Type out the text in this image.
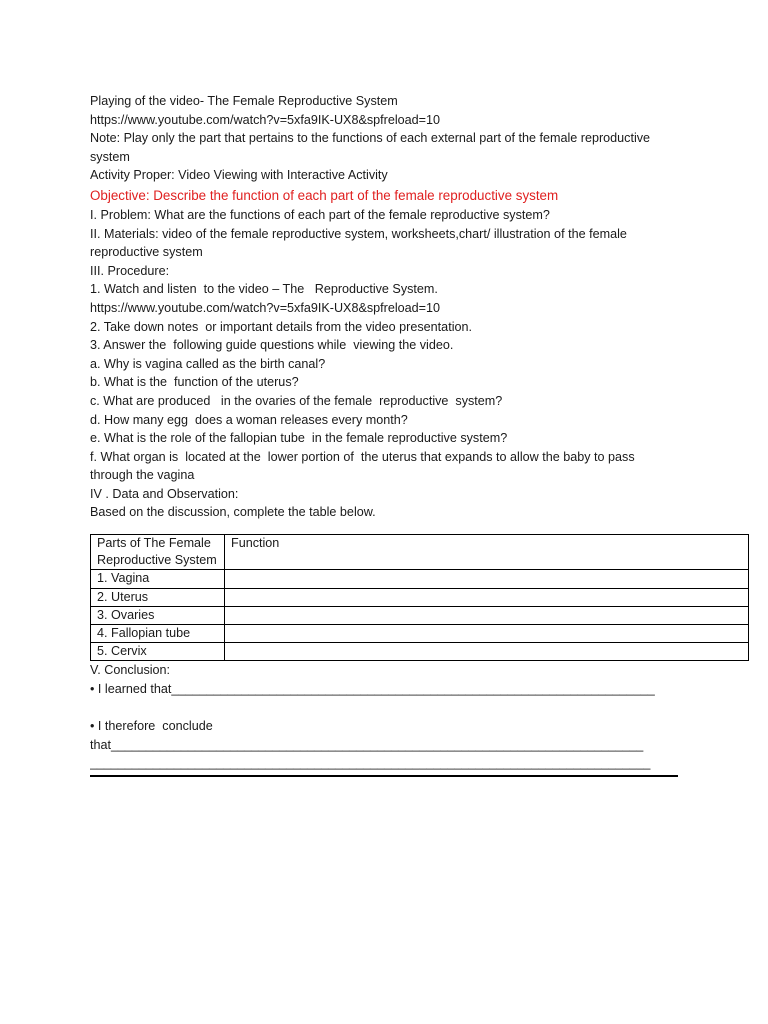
Playing of the video- The Female Reproductive System

https://www.youtube.com/watch?v=5xfa9IK-UX8&spfreload=10

Note: Play only the part that pertains to the functions of each external part of the female reproductive system

Activity Proper: Video Viewing with Interactive Activity

Objective: Describe the function of each part of the female reproductive system

I. Problem: What are the functions of each part of the female reproductive system?

II. Materials: video of the female reproductive system, worksheets,chart/ illustration of the female reproductive system

III. Procedure:

1. Watch and listen  to the video – The   Reproductive System.

https://www.youtube.com/watch?v=5xfa9IK-UX8&spfreload=10

2. Take down notes  or important details from the video presentation.

3. Answer the  following guide questions while  viewing the video.

a. Why is vagina called as the birth canal?

b. What is the  function of the uterus?

c. What are produced   in the ovaries of the female  reproductive  system?

d. How many egg  does a woman releases every month?

e. What is the role of the fallopian tube  in the female reproductive system?

f. What organ is  located at the  lower portion of  the uterus that expands to allow the baby to pass through the vagina

IV . Data and Observation:

Based on the discussion, complete the table below.

Parts of The Female Reproductive System	Function
1. Vagina	
2. Uterus	
3. Ovaries	
4. Fallopian tube	
5. Cervix	

V. Conclusion:

• I learned that_____________________________________________________________________

• I therefore  conclude

that____________________________________________________________________________

________________________________________________________________________________
